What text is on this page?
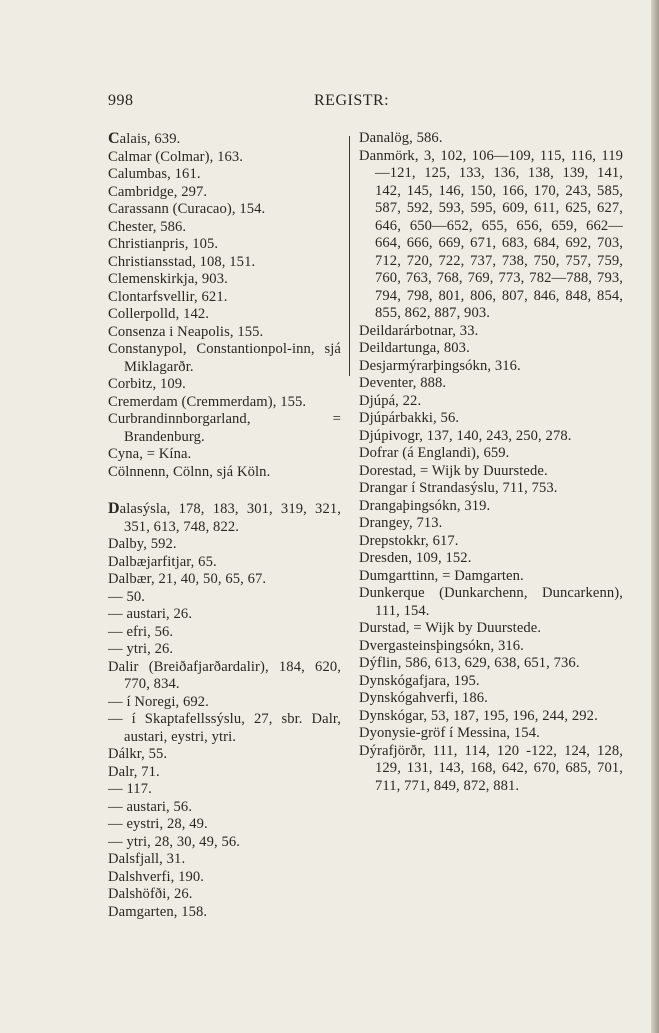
998	REGISTR:
Calais, 639.
Calmar (Colmar), 163.
Calumbas, 161.
Cambridge, 297.
Carassann (Curacao), 154.
Chester, 586.
Christianpris, 105.
Christiansstad, 108, 151.
Clemenskirkja, 903.
Clontarfsvellir, 621.
Collerpolld, 142.
Consenza i Neapolis, 155.
Constanypol, Constantionpol-inn, sjá Miklagarðr.
Corbitz, 109.
Cremerdam (Cremmerdam), 155.
Curbrandinnborgarland, = Brandenburg.
Cyna, = Kína.
Cölnnenn, Cölnn, sjá Köln.
Dalasýsla, 178, 183, 301, 319, 321, 351, 613, 748, 822.
Dalby, 592.
Dalbæjarfitjar, 65.
Dalbær, 21, 40, 50, 65, 67.
— 50.
— austari, 26.
— efri, 56.
— ytri, 26.
Dalir (Breiðafjarðardalir), 184, 620, 770, 834.
— í Noregi, 692.
— í Skaptafellssýslu, 27, sbr. Dalr, austari, eystri, ytri.
Dálkr, 55.
Dalr, 71.
— 117.
— austari, 56.
— eystri, 28, 49.
— ytri, 28, 30, 49, 56.
Dalsfjall, 31.
Dalshverfi, 190.
Dalshöfði, 26.
Damgarten, 158.
Danalög, 586.
Danmörk, 3, 102, 106—109, 115, 116, 119—121, 125, 133, 136, 138, 139, 141, 142, 145, 146, 150, 166, 170, 243, 585, 587, 592, 593, 595, 609, 611, 625, 627, 646, 650—652, 655, 656, 659, 662—664, 666, 669, 671, 683, 684, 692, 703, 712, 720, 722, 737, 738, 750, 757, 759, 760, 763, 768, 769, 773, 782—788, 793, 794, 798, 801, 806, 807, 846, 848, 854, 855, 862, 887, 903.
Deildarárbotnar, 33.
Deildartunga, 803.
Desjarmýrarþingsókn, 316.
Deventer, 888.
Djúpá, 22.
Djúpárbakki, 56.
Djúpivogr, 137, 140, 243, 250, 278.
Dofrar (á Englandi), 659.
Dorestad, = Wijk by Duurstede.
Drangar í Strandasýslu, 711, 753.
Drangaþingsókn, 319.
Drangey, 713.
Drepstokkr, 617.
Dresden, 109, 152.
Dumgarttinn, = Damgarten.
Dunkerque (Dunkarchenn, Duncarkenn), 111, 154.
Durstad, = Wijk by Duurstede.
Dvergasteinsþingsókn, 316.
Dýflin, 586, 613, 629, 638, 651, 736.
Dynskógafjara, 195.
Dynskógahverfi, 186.
Dynskógar, 53, 187, 195, 196, 244, 292.
Dyonysie-gröf í Messina, 154.
Dýrafjörðr, 111, 114, 120 -122, 124, 128, 129, 131, 143, 168, 642, 670, 685, 701, 711, 771, 849, 872, 881.
